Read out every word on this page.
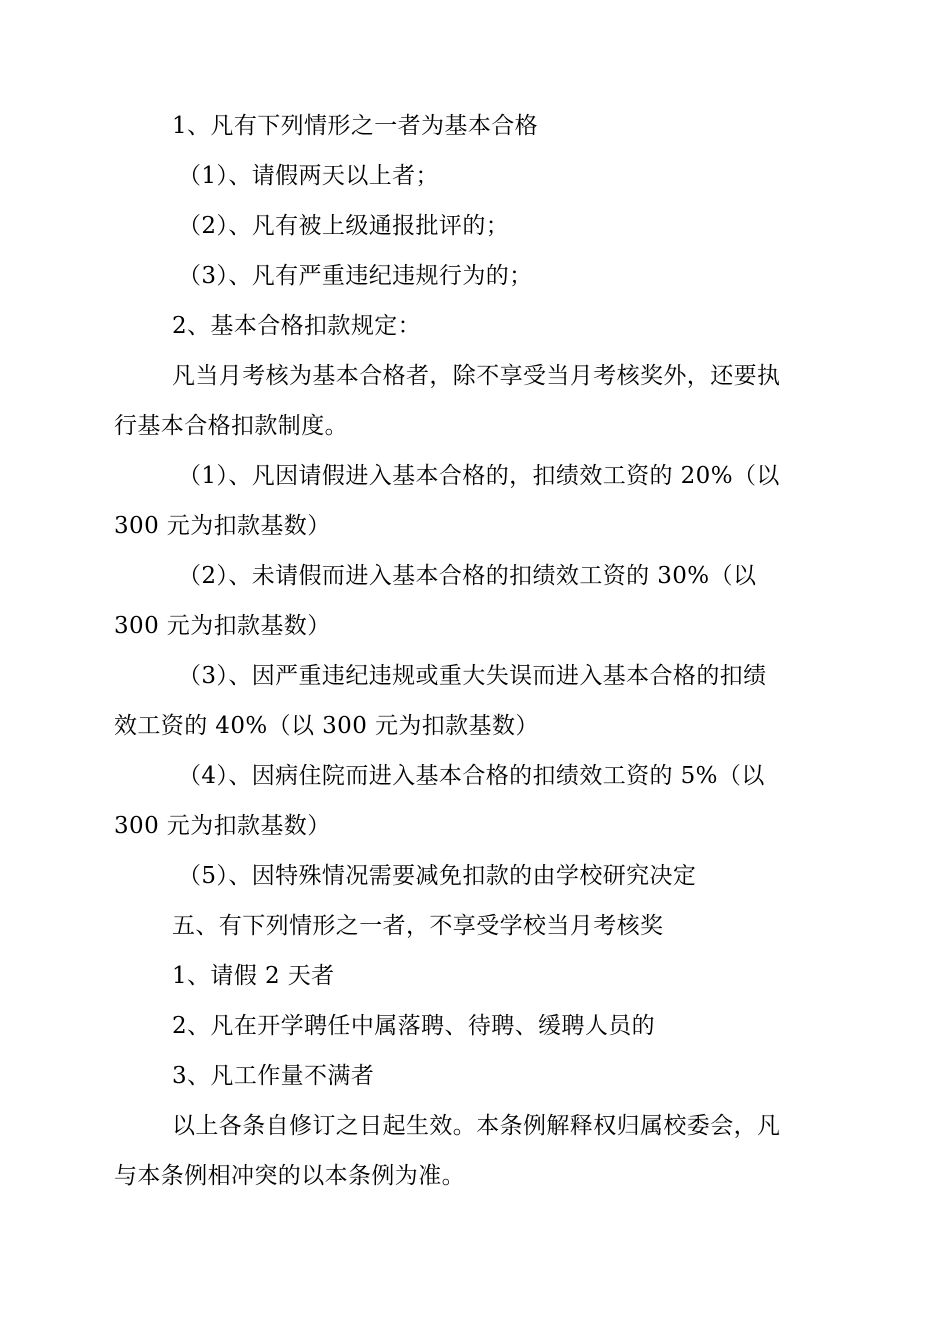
1、凡有下列情形之一者为基本合格
（1）、请假两天以上者；
（2）、凡有被上级通报批评的；
（3）、凡有严重违纪违规行为的；
2、基本合格扣款规定：
凡当月考核为基本合格者，除不享受当月考核奖外，还要执
行基本合格扣款制度。
（1）、凡因请假进入基本合格的，扣绩效工资的 20%（以
300 元为扣款基数）
（2）、未请假而进入基本合格的扣绩效工资的 30%（以
300 元为扣款基数）
（3）、因严重违纪违规或重大失误而进入基本合格的扣绩
效工资的 40%（以 300 元为扣款基数）
（4）、因病住院而进入基本合格的扣绩效工资的 5%（以
300 元为扣款基数）
（5）、因特殊情况需要减免扣款的由学校研究决定
五、有下列情形之一者，不享受学校当月考核奖
1、请假 2 天者
2、凡在开学聘任中属落聘、待聘、缓聘人员的
3、凡工作量不满者
以上各条自修订之日起生效。本条例解释权归属校委会，凡
与本条例相冲突的以本条例为准。
